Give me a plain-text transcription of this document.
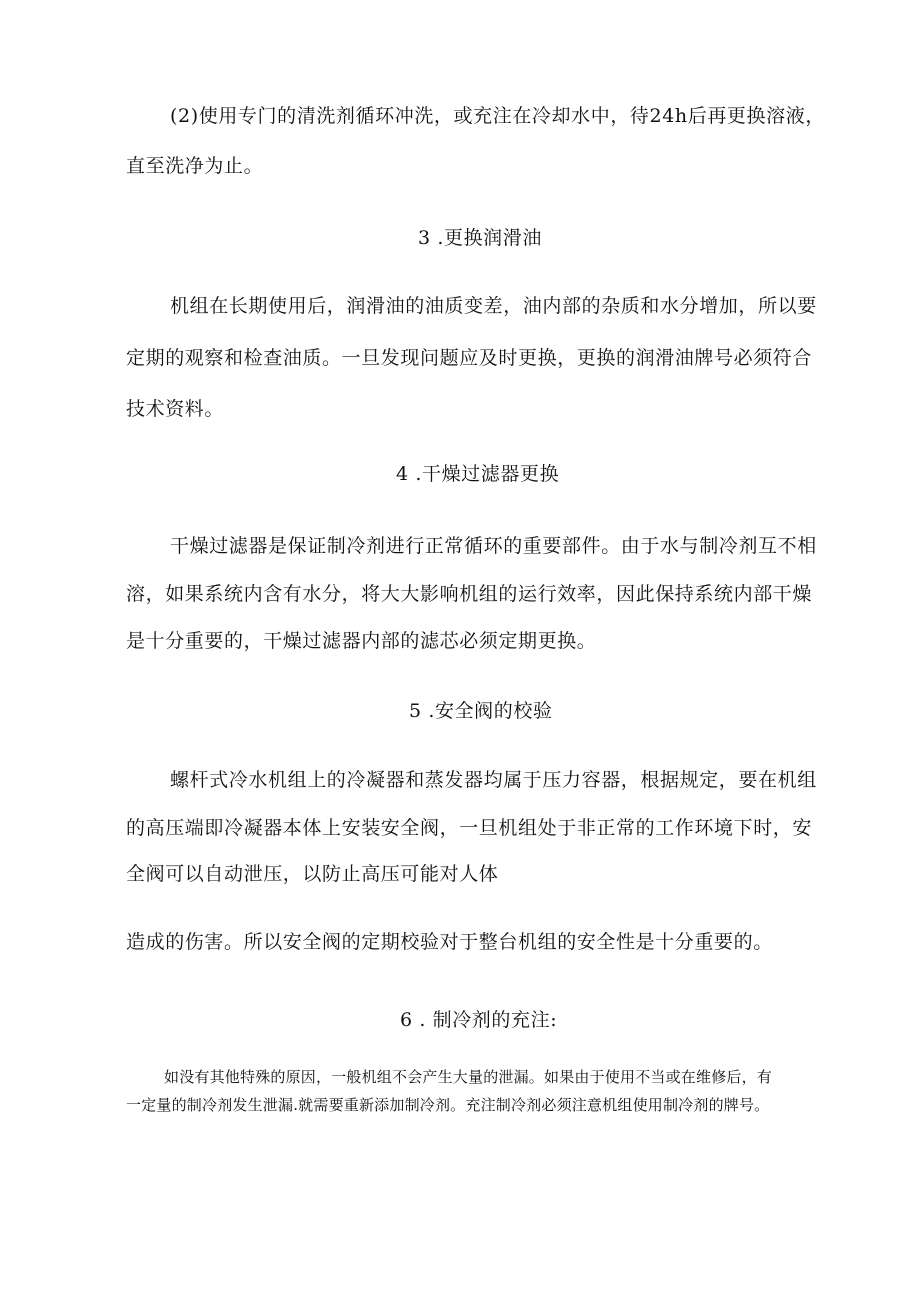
(2)使用专门的清洗剂循环冲洗，或充注在冷却水中，待24h后再更换溶液，
直至洗净为止。
3 .更换润滑油
机组在长期使用后，润滑油的油质变差，油内部的杂质和水分增加，所以要
定期的观察和检查油质。一旦发现问题应及时更换，更换的润滑油牌号必须符合
技术资料。
4 .干燥过滤器更换
干燥过滤器是保证制冷剂进行正常循环的重要部件。由于水与制冷剂互不相
溶，如果系统内含有水分，将大大影响机组的运行效率，因此保持系统内部干燥
是十分重要的，干燥过滤器内部的滤芯必须定期更换。
5 .安全阀的校验
螺杆式冷水机组上的冷凝器和蒸发器均属于压力容器，根据规定，要在机组
的高压端即冷凝器本体上安装安全阀，一旦机组处于非正常的工作环境下时，安
全阀可以自动泄压，以防止高压可能对人体
造成的伤害。所以安全阀的定期校验对于整台机组的安全性是十分重要的。
6 . 制冷剂的充注:
如没有其他特殊的原因，一般机组不会产生大量的泄漏。如果由于使用不当或在维修后，有
一定量的制冷剂发生泄漏.就需要重新添加制冷剂。充注制冷剂必须注意机组使用制冷剂的牌号。
